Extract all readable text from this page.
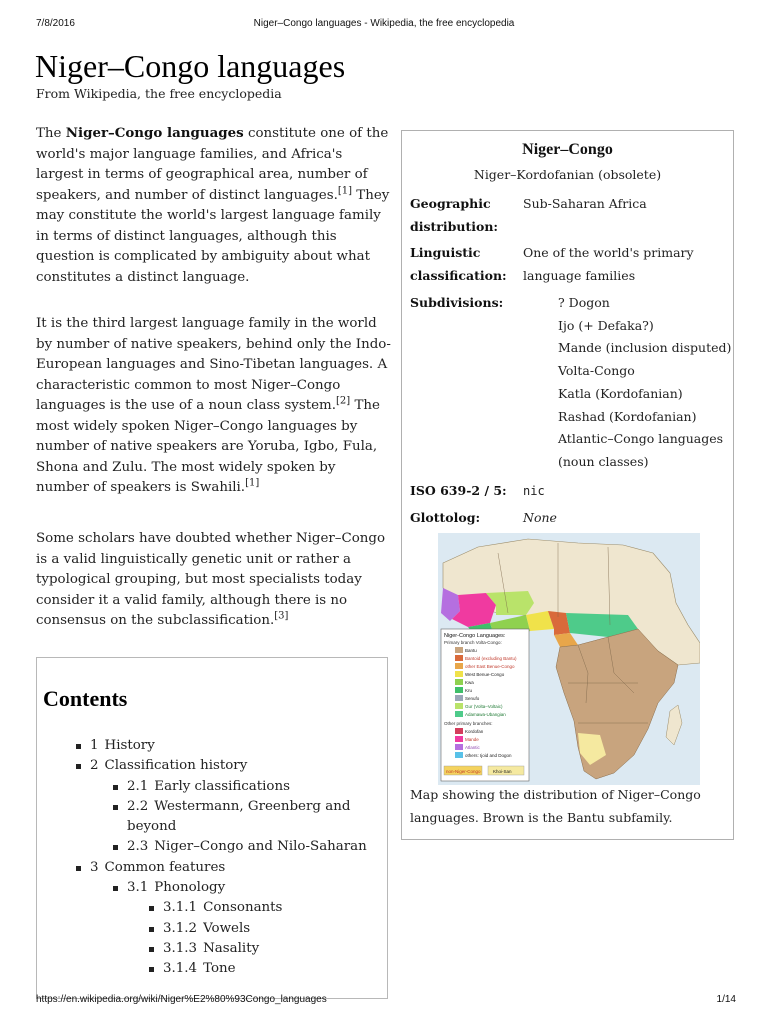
7/8/2016	Niger–Congo languages - Wikipedia, the free encyclopedia
Niger–Congo languages
From Wikipedia, the free encyclopedia

The Niger–Congo languages constitute one of the world's major language families, and Africa's largest in terms of geographical area, number of speakers, and number of distinct languages.[1] They may constitute the world's largest language family in terms of distinct languages, although this question is complicated by ambiguity about what constitutes a distinct language.

It is the third largest language family in the world by number of native speakers, behind only the Indo-European languages and Sino-Tibetan languages. A characteristic common to most Niger–Congo languages is the use of a noun class system.[2] The most widely spoken Niger–Congo languages by number of native speakers are Yoruba, Igbo, Fula, Shona and Zulu. The most widely spoken by number of speakers is Swahili.[1]

Some scholars have doubted whether Niger–Congo is a valid linguistically genetic unit or rather a typological grouping, but most specialists today consider it a valid family, although there is no consensus on the subclassification.[3]

Contents
1 History
2 Classification history
2.1 Early classifications
2.2 Westermann, Greenberg and beyond
2.3 Niger–Congo and Nilo-Saharan
3 Common features
3.1 Phonology
3.1.1 Consonants
3.1.2 Vowels
3.1.3 Nasality
3.1.4 Tone
Niger–Congo
Niger–Kordofanian (obsolete)
Geographic distribution:
Sub-Saharan Africa
Linguistic classification:
One of the world's primary language families
Subdivisions:	? Dogon
Ijo (+ Defaka?)
Mande (inclusion disputed)
Volta-Congo
Katla (Kordofanian)
Rashad (Kordofanian)
Atlantic–Congo languages
(noun classes)
ISO 639-2 / 5:	nic
Glottolog:	None
Niger-Congo Languages:
Primary branch Volta-Congo:
Bantu
Bantoid (excluding Bantu)
other East Benue-Congo
West Benue-Congo
Kwa
Kru
Senufo
Gur (Volta–Voltaic)
Adamawa-Ubangian
Other primary branches:
Kordofan
Mande
Atlantic
others: Ijoid and Dogon
non-Niger-Congo	Khoi-San
Map showing the distribution of Niger–Congo languages. Brown is the Bantu subfamily.
https://en.wikipedia.org/wiki/Niger%E2%80%93Congo_languages	1/14
